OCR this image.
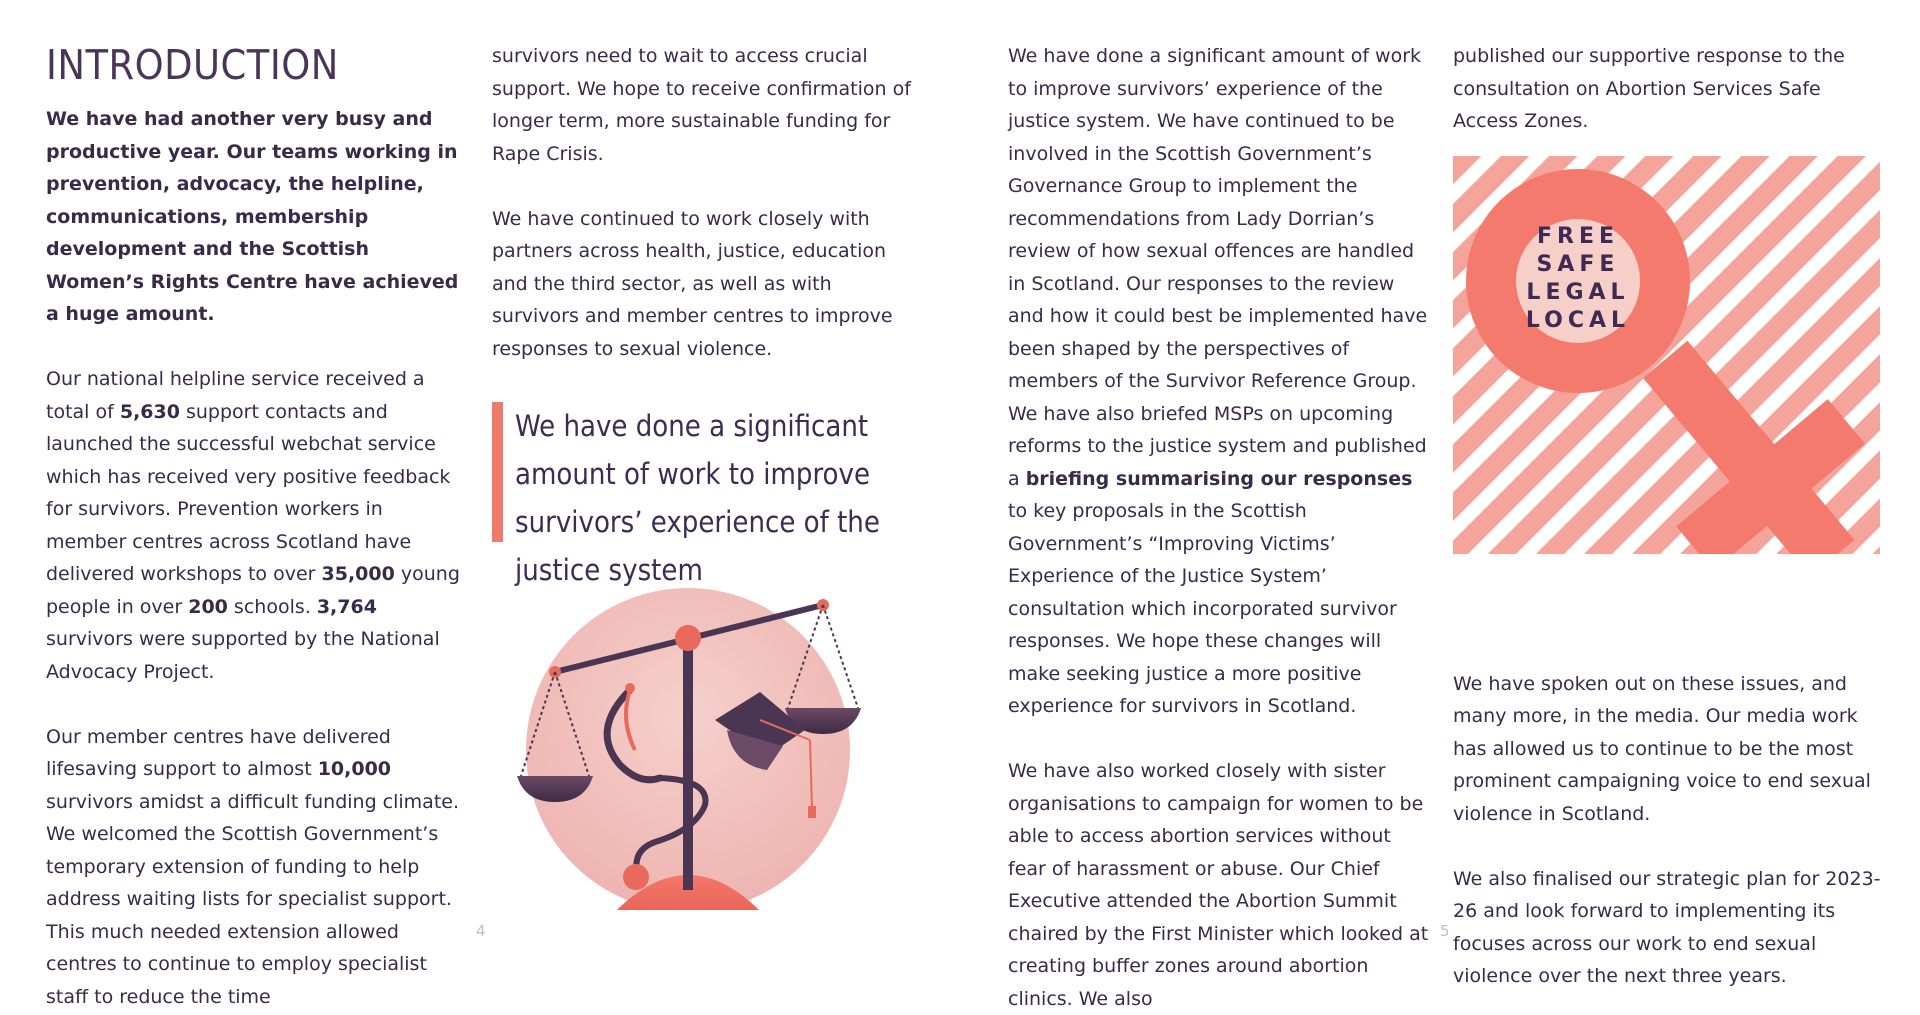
INTRODUCTION

We have had another very busy and productive year. Our teams working in prevention, advocacy, the helpline, communications, membership development and the Scottish Women’s Rights Centre have achieved a huge amount.

Our national helpline service received a total of 5,630 support contacts and launched the successful webchat service which has received very positive feedback for survivors. Prevention workers in member centres across Scotland have delivered workshops to over 35,000 young people in over 200 schools. 3,764 survivors were supported by the National Advocacy Project.

Our member centres have delivered lifesaving support to almost 10,000 survivors amidst a difficult funding climate. We welcomed the Scottish Government’s temporary extension of funding to help address waiting lists for specialist support. This much needed extension allowed centres to continue to employ specialist staff to reduce the time

survivors need to wait to access crucial support. We hope to receive confirmation of longer term, more sustainable funding for Rape Crisis.

We have continued to work closely with partners across health, justice, education and the third sector, as well as with survivors and member centres to improve responses to sexual violence.

We have done a significant amount of work to improve survivors’ experience of the justice system
4

We have done a significant amount of work to improve survivors’ experience of the justice system. We have continued to be involved in the Scottish Government’s Governance Group to implement the recommendations from Lady Dorrian’s review of how sexual offences are handled in Scotland. Our responses to the review and how it could best be implemented have been shaped by the perspectives of members of the Survivor Reference Group. We have also briefed MSPs on upcoming reforms to the justice system and published a briefing summarising our responses to key proposals in the Scottish Government’s “Improving Victims’ Experience of the Justice System’ consultation which incorporated survivor responses. We hope these changes will make seeking justice a more positive experience for survivors in Scotland.

We have also worked closely with sister organisations to campaign for women to be able to access abortion services without fear of harassment or abuse. Our Chief Executive attended the Abortion Summit chaired by the First Minister which looked at creating buffer zones around abortion clinics. We also

published our supportive response to the consultation on Abortion Services Safe Access Zones.

We have spoken out on these issues, and many more, in the media. Our media work has allowed us to continue to be the most prominent campaigning voice to end sexual violence in Scotland.

We also finalised our strategic plan for 2023-26 and look forward to implementing its focuses across our work to end sexual violence over the next three years.

FREE
SAFE
LEGAL
LOCAL
5
